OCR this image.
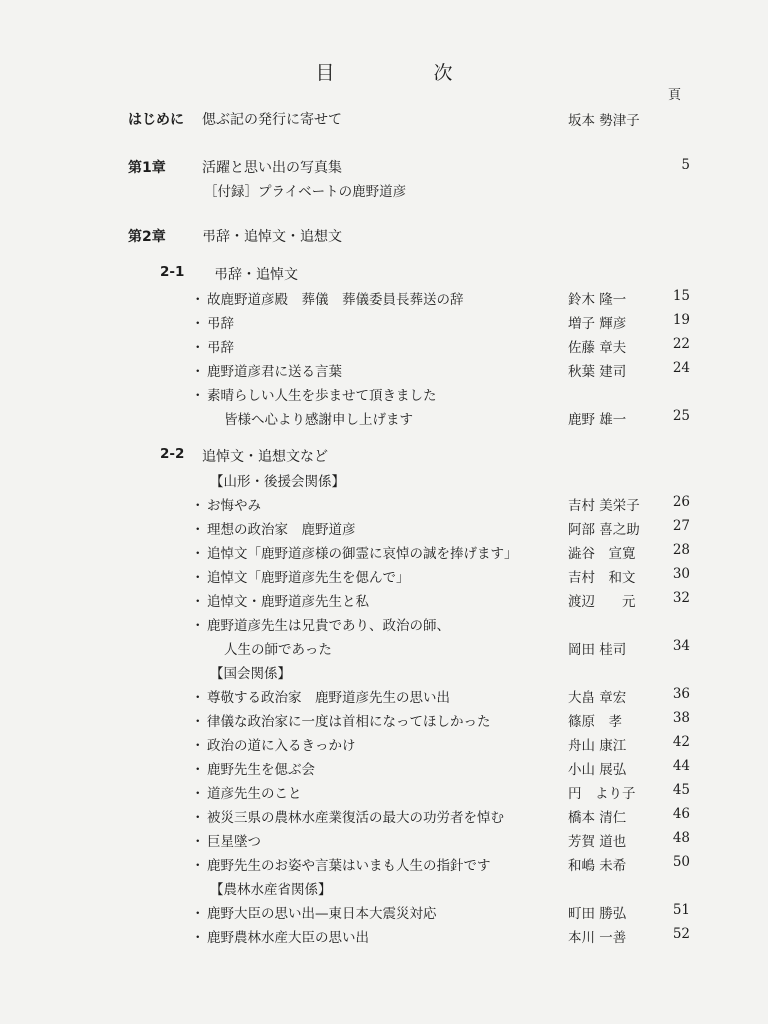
目　次
頁
はじめに 偲ぶ記の発行に寄せて	坂本 勢津子
第1章	活躍と思い出の写真集	5
［付録］プライベートの鹿野道彦
第2章	弔辞・追悼文・追想文
2-1 弔辞・追悼文
・ 故鹿野道彦殿　葬儀　葬儀委員長葬送の辞	鈴木 隆一	15
・ 弔辞	増子 輝彦	19
・ 弔辞	佐藤 章夫	22
・ 鹿野道彦君に送る言葉	秋葉 建司	24
・ 素晴らしい人生を歩ませて頂きました
皆様へ心より感謝申し上げます	鹿野 雄一	25
2-2 追悼文・追想文など
【山形・後援会関係】
・ お悔やみ	吉村 美栄子	26
・ 理想の政治家　鹿野道彦	阿部 喜之助	27
・ 追悼文「鹿野道彦様の御霊に哀悼の誠を捧げます」	澁谷　宣寛	28
・ 追悼文「鹿野道彦先生を偲んで」	吉村　和文	30
・ 追悼文・鹿野道彦先生と私	渡辺　　元	32
・ 鹿野道彦先生は兄貴であり、政治の師、
人生の師であった	岡田 桂司	34
【国会関係】
・ 尊敬する政治家　鹿野道彦先生の思い出	大畠 章宏	36
・ 律儀な政治家に一度は首相になってほしかった	篠原　孝	38
・ 政治の道に入るきっかけ	舟山 康江	42
・ 鹿野先生を偲ぶ会	小山 展弘	44
・ 道彦先生のこと	円　より子	45
・ 被災三県の農林水産業復活の最大の功労者を悼む	橋本 清仁	46
・ 巨星墜つ	芳賀 道也	48
・ 鹿野先生のお姿や言葉はいまも人生の指針です	和嶋 未希	50
【農林水産省関係】
・ 鹿野大臣の思い出—東日本大震災対応	町田 勝弘	51
・ 鹿野農林水産大臣の思い出	本川 一善	52
